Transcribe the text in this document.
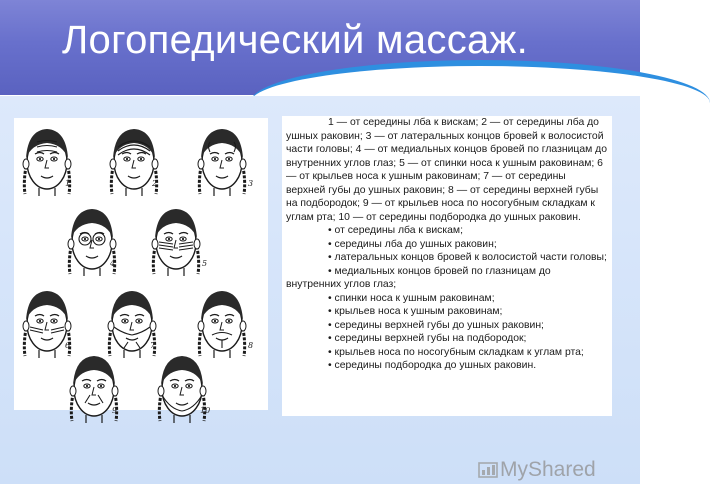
Логопедический массаж.
1	2	3
4	5
6	7	8
9	10

1 — от середины лба к вискам; 2 — от середины лба до ушных раковин; 3 — от латеральных концов бровей к волосистой части головы; 4 — от медиальных концов бровей по глазницам до внутренних углов глаз; 5 — от спинки носа к ушным раковинам; 6 — от крыльев носа к ушным раковинам; 7 — от середины верхней губы до ушных раковин; 8 — от середины верхней губы на подбородок; 9 — от крыльев носа по носогубным складкам к углам рта; 10 — от середины подбородка до ушных раковин.

• от середины лба к вискам;
• середины лба до ушных раковин;
• латеральных концов бровей к волосистой части головы;
• медиальных концов бровей по глазницам до внутренних углов глаз;
• спинки носа к ушным раковинам;
• крыльев носа к ушным раковинам;
• середины верхней губы до ушных раковин;
• середины верхней губы на подбородок;
• крыльев носа по носогубным складкам к углам рта;
• середины подбородка до ушных раковин.
MyShared
